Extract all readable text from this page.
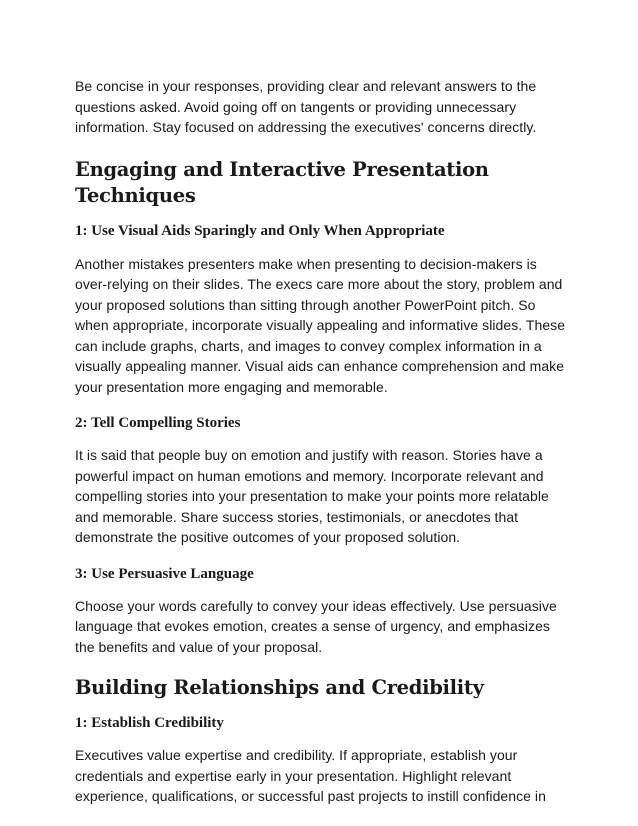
Be concise in your responses, providing clear and relevant answers to the questions asked. Avoid going off on tangents or providing unnecessary information. Stay focused on addressing the executives' concerns directly.

Engaging and Interactive Presentation Techniques
1: Use Visual Aids Sparingly and Only When Appropriate

Another mistakes presenters make when presenting to decision-makers is over-relying on their slides. The execs care more about the story, problem and your proposed solutions than sitting through another PowerPoint pitch. So when appropriate, incorporate visually appealing and informative slides. These can include graphs, charts, and images to convey complex information in a visually appealing manner. Visual aids can enhance comprehension and make your presentation more engaging and memorable.

2: Tell Compelling Stories

It is said that people buy on emotion and justify with reason. Stories have a powerful impact on human emotions and memory. Incorporate relevant and compelling stories into your presentation to make your points more relatable and memorable. Share success stories, testimonials, or anecdotes that demonstrate the positive outcomes of your proposed solution.

3: Use Persuasive Language

Choose your words carefully to convey your ideas effectively. Use persuasive language that evokes emotion, creates a sense of urgency, and emphasizes the benefits and value of your proposal.

Building Relationships and Credibility
1: Establish Credibility

Executives value expertise and credibility. If appropriate, establish your credentials and expertise early in your presentation. Highlight relevant experience, qualifications, or successful past projects to instill confidence in
